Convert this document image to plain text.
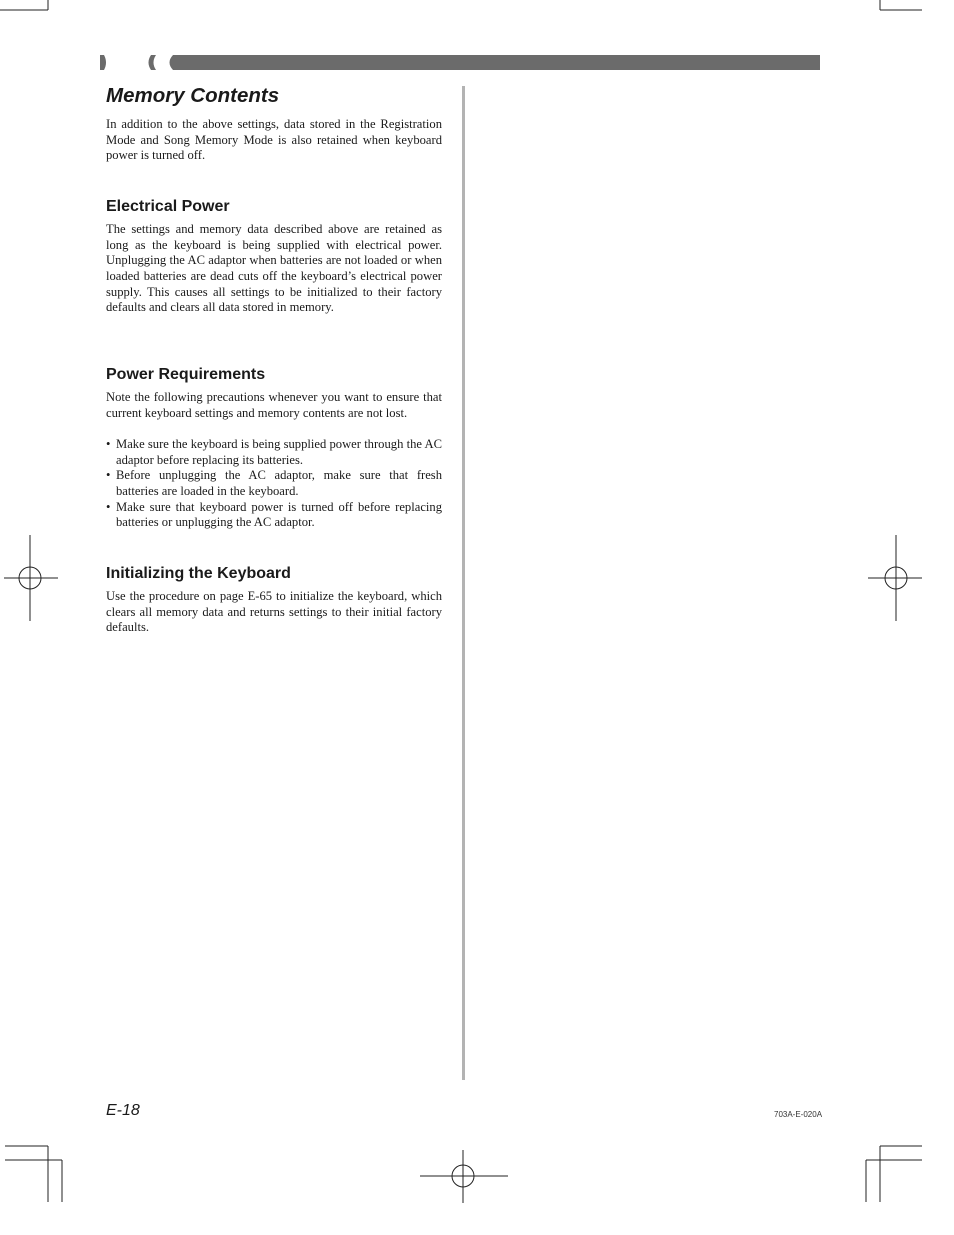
Memory Contents

In addition to the above settings, data stored in the Registration Mode and Song Memory Mode is also retained when keyboard power is turned off.

Electrical Power

The settings and memory data described above are retained as long as the keyboard is being supplied with electrical power. Unplugging the AC adaptor when batteries are not loaded or when loaded batteries are dead cuts off the keyboard’s electrical power supply. This causes all settings to be initialized to their factory defaults and clears all data stored in memory.

Power Requirements

Note the following precautions whenever you want to ensure that current keyboard settings and memory contents are not lost.

• Make sure the keyboard is being supplied power through the AC adaptor before replacing its batteries.
• Before unplugging the AC adaptor, make sure that fresh batteries are loaded in the keyboard.
• Make sure that keyboard power is turned off before replacing batteries or unplugging the AC adaptor.
Initializing the Keyboard

Use the procedure on page E-65 to initialize the keyboard, which clears all memory data and returns settings to their initial factory defaults.

E-18	703A-E-020A
